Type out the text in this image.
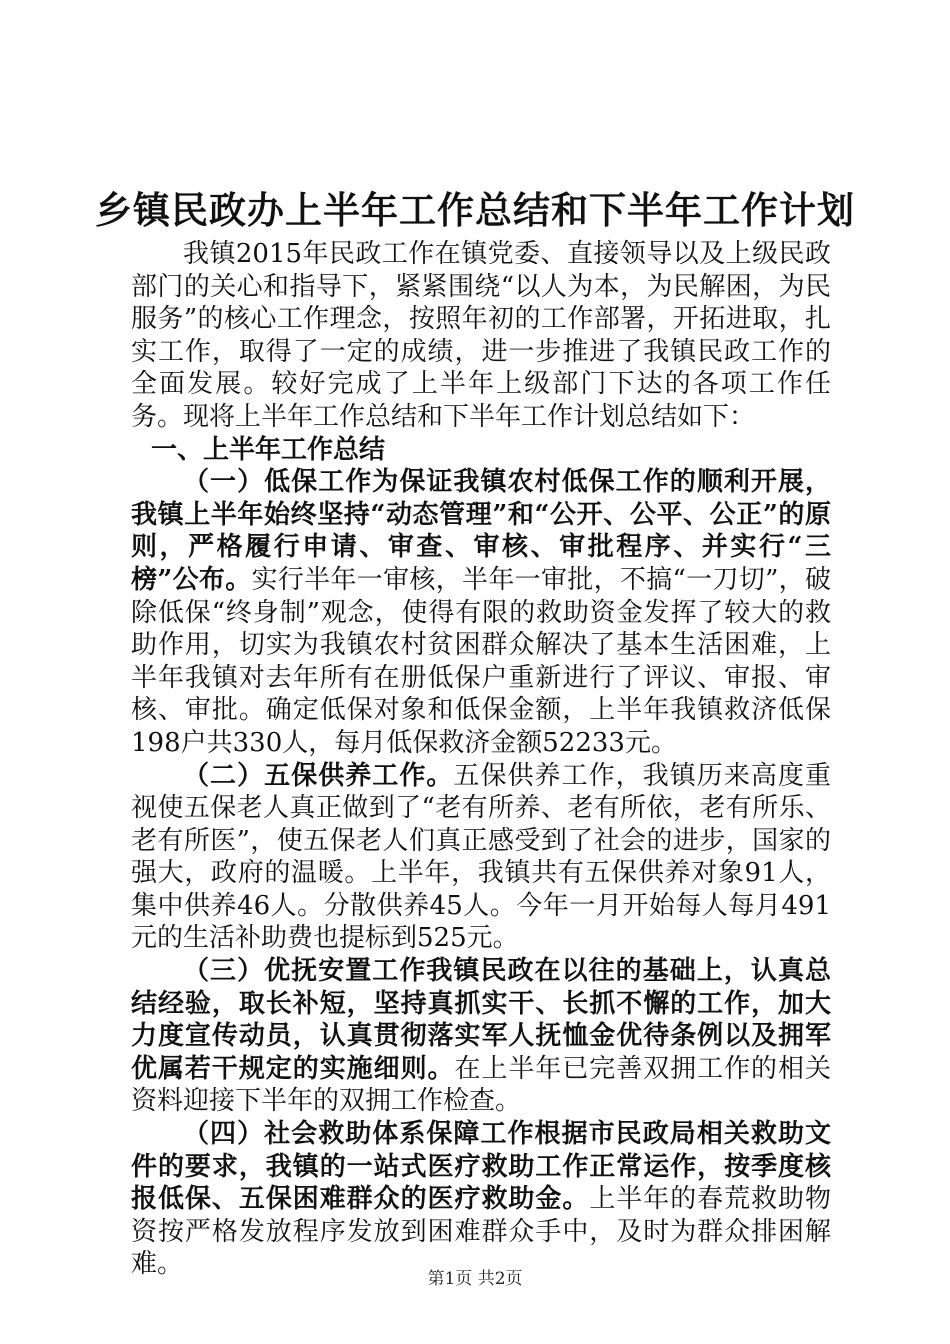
乡镇民政办上半年工作总结和下半年工作计划

我镇2015年民政工作在镇党委、直接领导以及上级民政部门的关心和指导下，紧紧围绕“以人为本，为民解困，为民服务”的核心工作理念，按照年初的工作部署，开拓进取，扎实工作，取得了一定的成绩，进一步推进了我镇民政工作的全面发展。较好完成了上半年上级部门下达的各项工作任务。现将上半年工作总结和下半年工作计划总结如下：

一、上半年工作总结

（一）低保工作为保证我镇农村低保工作的顺利开展，我镇上半年始终坚持“动态管理”和“公开、公平、公正”的原则，严格履行申请、审查、审核、审批程序、并实行“三榜”公布。实行半年一审核，半年一审批，不搞“一刀切”，破除低保“终身制”观念，使得有限的救助资金发挥了较大的救助作用，切实为我镇农村贫困群众解决了基本生活困难，上半年我镇对去年所有在册低保户重新进行了评议、审报、审核、审批。确定低保对象和低保金额，上半年我镇救济低保198户共330人，每月低保救济金额52233元。

（二）五保供养工作。五保供养工作，我镇历来高度重视使五保老人真正做到了“老有所养、老有所依，老有所乐、老有所医”，使五保老人们真正感受到了社会的进步，国家的强大，政府的温暖。上半年，我镇共有五保供养对象91人，集中供养46人。分散供养45人。今年一月开始每人每月491元的生活补助费也提标到525元。

（三）优抚安置工作我镇民政在以往的基础上，认真总结经验，取长补短，坚持真抓实干、长抓不懈的工作，加大力度宣传动员，认真贯彻落实军人抚恤金优待条例以及拥军优属若干规定的实施细则。在上半年已完善双拥工作的相关资料迎接下半年的双拥工作检查。

（四）社会救助体系保障工作根据市民政局相关救助文件的要求，我镇的一站式医疗救助工作正常运作，按季度核报低保、五保困难群众的医疗救助金。上半年的春荒救助物资按严格发放程序发放到困难群众手中，及时为群众排困解难。	第1页 共2页
